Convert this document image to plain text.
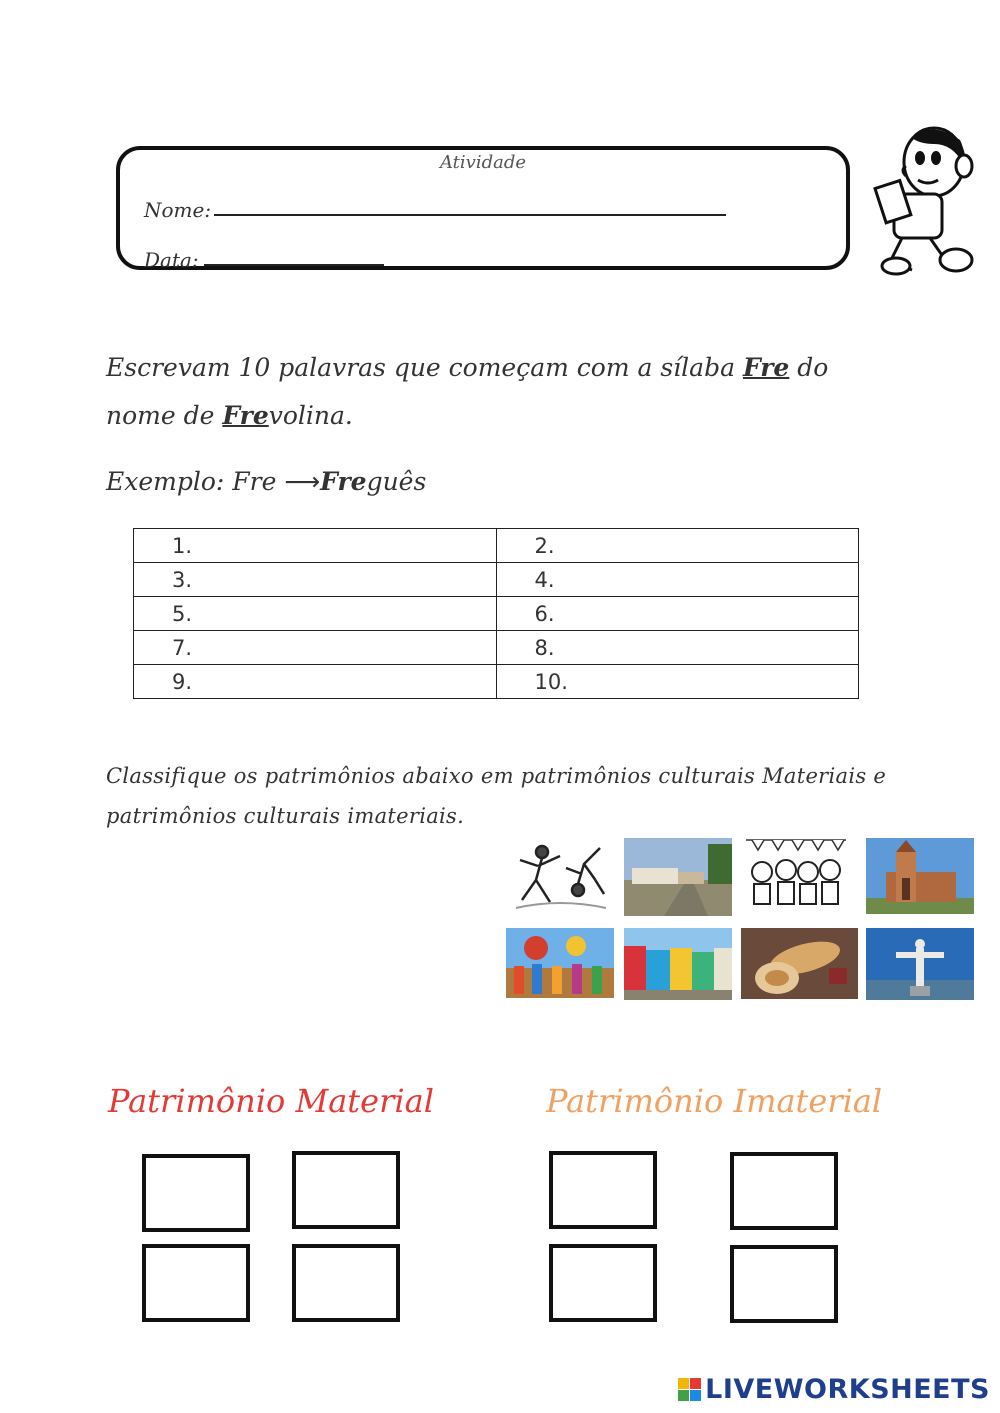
Atividade
Nome:
Data:
Escrevam 10 palavras que começam com a sílaba Fre do
nome de Frevolina.
Exemplo: Fre ⟶Freguês
1.	2.
3.	4.
5.	6.
7.	8.
9.	10.
Classifique os patrimônios abaixo em patrimônios culturais Materiais e
patrimônios culturais imateriais.
Patrimônio Material	Patrimônio Imaterial
LIVEWORKSHEETS
